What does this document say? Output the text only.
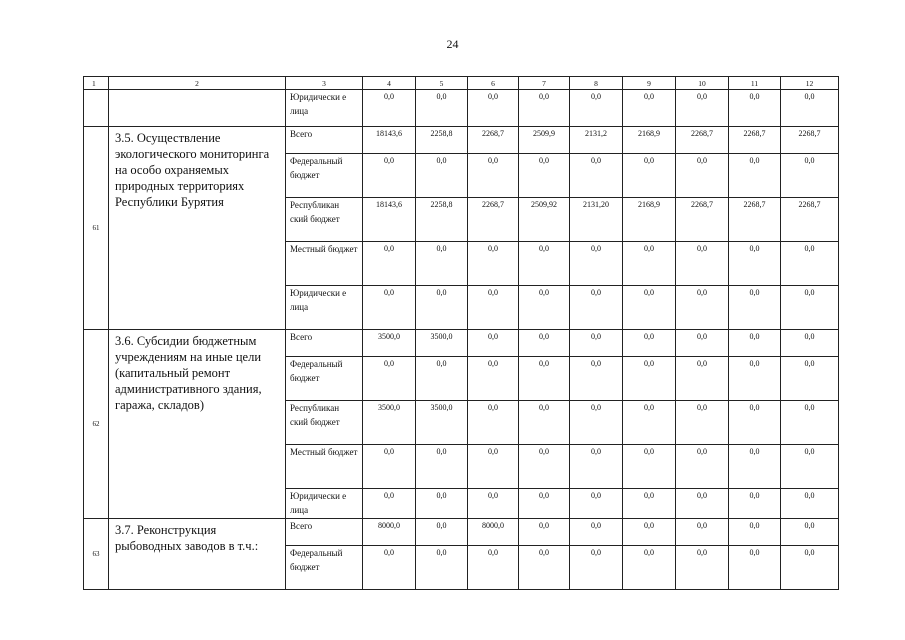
24
1	2	3	4	5	6	7	8	9	10	11	12
		Юридически е лица	0,0	0,0	0,0	0,0	0,0	0,0	0,0	0,0	0,0
61	3.5. Осуществление экологического мониторинга на особо охраняемых природных территориях Республики Бурятия	Всего	18143,6	2258,8	2268,7	2509,9	2131,2	2168,9	2268,7	2268,7	2268,7
		Федеральный бюджет	0,0	0,0	0,0	0,0	0,0	0,0	0,0	0,0	0,0
		Республикан ский бюджет	18143,6	2258,8	2268,7	2509,92	2131,20	2168,9	2268,7	2268,7	2268,7
		Местный бюджет	0,0	0,0	0,0	0,0	0,0	0,0	0,0	0,0	0,0
		Юридически е лица	0,0	0,0	0,0	0,0	0,0	0,0	0,0	0,0	0,0
62	3.6. Субсидии бюджетным учреждениям на иные цели (капитальный ремонт административного здания, гаража, складов)	Всего	3500,0	3500,0	0,0	0,0	0,0	0,0	0,0	0,0	0,0
		Федеральный бюджет	0,0	0,0	0,0	0,0	0,0	0,0	0,0	0,0	0,0
		Республикан ский бюджет	3500,0	3500,0	0,0	0,0	0,0	0,0	0,0	0,0	0,0
		Местный бюджет	0,0	0,0	0,0	0,0	0,0	0,0	0,0	0,0	0,0
		Юридически е лица	0,0	0,0	0,0	0,0	0,0	0,0	0,0	0,0	0,0
63	3.7. Реконструкция рыбоводных заводов в т.ч.:	Всего	8000,0	0,0	8000,0	0,0	0,0	0,0	0,0	0,0	0,0
		Федеральный бюджет	0,0	0,0	0,0	0,0	0,0	0,0	0,0	0,0	0,0
